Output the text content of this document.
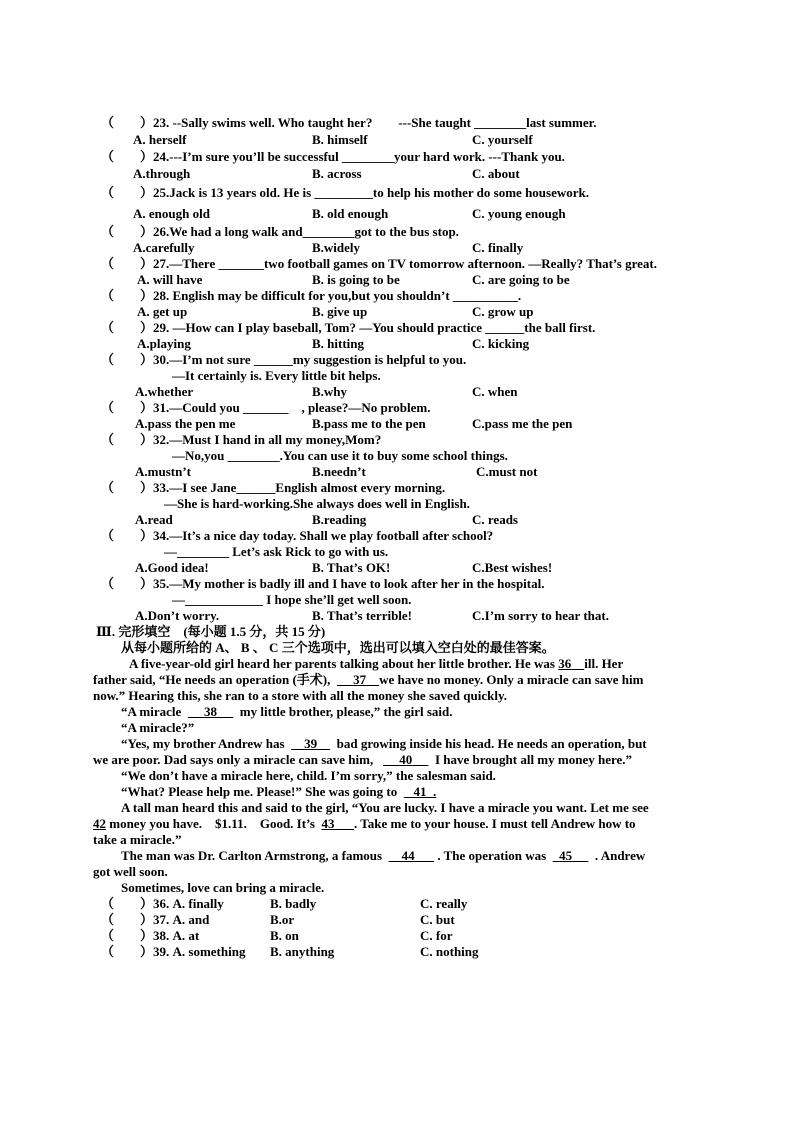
（　　）23. --Sally swims well. Who taught her?　　---She taught ________last summer.
A. herself	B. himself	C. yourself
（　　）24.---I’m sure you’ll be successful ________your hard work. ---Thank you.
A.through	B. across	C. about
（　　）25.Jack is 13 years old. He is _________to help his mother do some housework.
A. enough old	B. old enough	C. young enough
（　　）26.We had a long walk and________got to the bus stop.
A.carefully	B.widely	C. finally
（　　）27.—There _______two football games on TV tomorrow afternoon. —Really? That’s great.
A. will have	B. is going to be	C. are going to be
（　　）28. English may be difficult for you,but you shouldn’t __________.
A. get up	B. give up	C. grow up
（　　）29. —How can I play baseball, Tom? —You should practice ______the ball first.
A.playing	B. hitting	C. kicking
（　　）30.—I’m not sure ______my suggestion is helpful to you.
—It certainly is. Every little bit helps.
A.whether	B.why	C. when
（　　）31.—Could you _______　, please?—No problem.
A.pass the pen me	B.pass me to the pen	C.pass me the pen
（　　）32.—Must I hand in all my money,Mom?
—No,you ________.You can use it to buy some school things.
A.mustn’t	B.needn’t	C.must not
（　　）33.—I see Jane______English almost every morning.
—She is hard-working.She always does well in English.
A.read	B.reading	C. reads
（　　）34.—It’s a nice day today. Shall we play football after school?
—________ Let’s ask Rick to go with us.
A.Good idea!	B. That’s OK!	C.Best wishes!
（　　）35.—My mother is badly ill and I have to look after her in the hospital.
—____________ I hope she’ll get well soon.
A.Don’t worry.	B. That’s terrible!	C.I’m sorry to hear that.
Ⅲ. 完形填空　(每小题 1.5 分，共 15 分)
从每小题所给的 A、 B 、 C 三个选项中，选出可以填入空白处的最佳答案。
A five-year-old girl heard her parents talking about her little brother. He was 36 ill. Her
father said, “He needs an operation (手术), 37 we have no money. Only a miracle can save him
now.” Hearing this, she ran to a store with all the money she saved quickly.
“A miracle 38 my little brother, please,” the girl said.
“A miracle?”
“Yes, my brother Andrew has 39 bad growing inside his head. He needs an operation, but
we are poor. Dad says only a miracle can save him, 40 I have brought all my money here.”
“We don’t have a miracle here, child. I’m sorry,” the salesman said.
“What? Please help me. Please!” She was going to 41  .
A tall man heard this and said to the girl, “You are lucky. I have a miracle you want. Let me see
42 money you have.　$1.11.　Good. It’s 43 . Take me to your house. I must tell Andrew how to
take a miracle.”
The man was Dr. Carlton Armstrong, a famous 44 . The operation was 45 . Andrew
got well soon.
Sometimes, love can bring a miracle.
（　　）36. A. finally	B. badly	C. really
（　　）37. A. and	B.or	C. but
（　　）38. A. at	B. on	C. for
（　　）39. A. something B. anything	C. nothing
